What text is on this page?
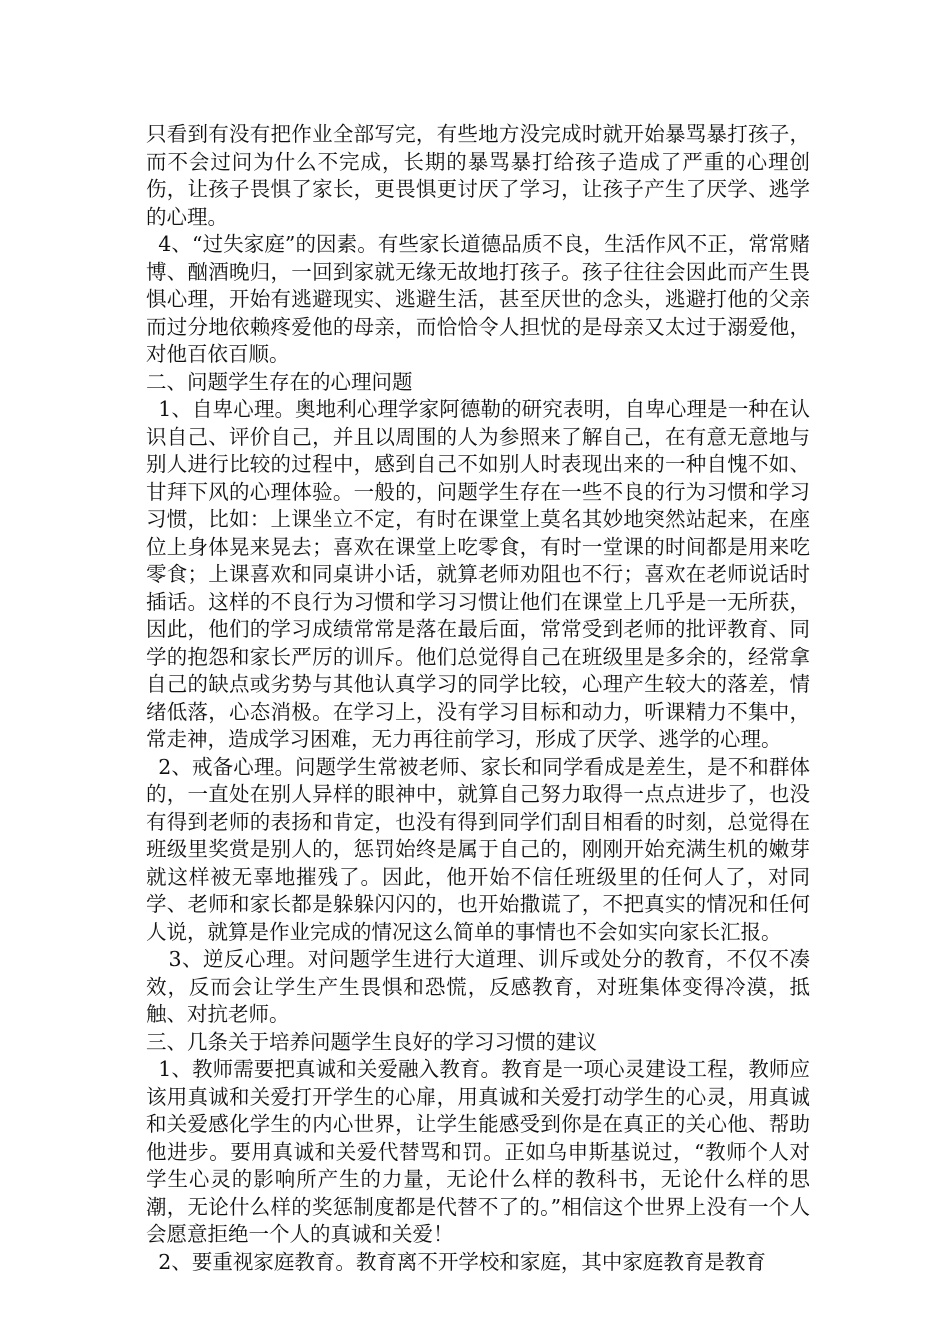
只看到有没有把作业全部写完，有些地方没完成时就开始暴骂暴打孩子，而不会过问为什么不完成，长期的暴骂暴打给孩子造成了严重的心理创伤，让孩子畏惧了家长，更畏惧更讨厌了学习，让孩子产生了厌学、逃学的心理。

4、“过失家庭”的因素。有些家长道德品质不良，生活作风不正，常常赌博、酗酒晚归，一回到家就无缘无故地打孩子。孩子往往会因此而产生畏惧心理，开始有逃避现实、逃避生活，甚至厌世的念头，逃避打他的父亲而过分地依赖疼爱他的母亲，而恰恰令人担忧的是母亲又太过于溺爱他，对他百依百顺。

二、问题学生存在的心理问题

1、自卑心理。奥地利心理学家阿德勒的研究表明，自卑心理是一种在认识自己、评价自己，并且以周围的人为参照来了解自己，在有意无意地与别人进行比较的过程中，感到自己不如别人时表现出来的一种自愧不如、甘拜下风的心理体验。一般的，问题学生存在一些不良的行为习惯和学习习惯，比如：上课坐立不定，有时在课堂上莫名其妙地突然站起来，在座位上身体晃来晃去；喜欢在课堂上吃零食，有时一堂课的时间都是用来吃零食；上课喜欢和同桌讲小话，就算老师劝阻也不行；喜欢在老师说话时插话。这样的不良行为习惯和学习习惯让他们在课堂上几乎是一无所获，因此，他们的学习成绩常常是落在最后面，常常受到老师的批评教育、同学的抱怨和家长严厉的训斥。他们总觉得自己在班级里是多余的，经常拿自己的缺点或劣势与其他认真学习的同学比较，心理产生较大的落差，情绪低落，心态消极。在学习上，没有学习目标和动力，听课精力不集中，常走神，造成学习困难，无力再往前学习，形成了厌学、逃学的心理。

2、戒备心理。问题学生常被老师、家长和同学看成是差生，是不和群体的，一直处在别人异样的眼神中，就算自己努力取得一点点进步了，也没有得到老师的表扬和肯定，也没有得到同学们刮目相看的时刻，总觉得在班级里奖赏是别人的，惩罚始终是属于自己的，刚刚开始充满生机的嫩芽就这样被无辜地摧残了。因此，他开始不信任班级里的任何人了，对同学、老师和家长都是躲躲闪闪的，也开始撒谎了，不把真实的情况和任何人说，就算是作业完成的情况这么简单的事情也不会如实向家长汇报。

3、逆反心理。对问题学生进行大道理、训斥或处分的教育，不仅不凑效，反而会让学生产生畏惧和恐慌，反感教育，对班集体变得冷漠，抵触、对抗老师。

三、几条关于培养问题学生良好的学习习惯的建议

1、教师需要把真诚和关爱融入教育。教育是一项心灵建设工程，教师应该用真诚和关爱打开学生的心扉，用真诚和关爱打动学生的心灵，用真诚和关爱感化学生的内心世界，让学生能感受到你是在真正的关心他、帮助他进步。要用真诚和关爱代替骂和罚。正如乌申斯基说过，“教师个人对学生心灵的影响所产生的力量，无论什么样的教科书，无论什么样的思潮，无论什么样的奖惩制度都是代替不了的。”相信这个世界上没有一个人会愿意拒绝一个人的真诚和关爱！

2、要重视家庭教育。教育离不开学校和家庭，其中家庭教育是教育
